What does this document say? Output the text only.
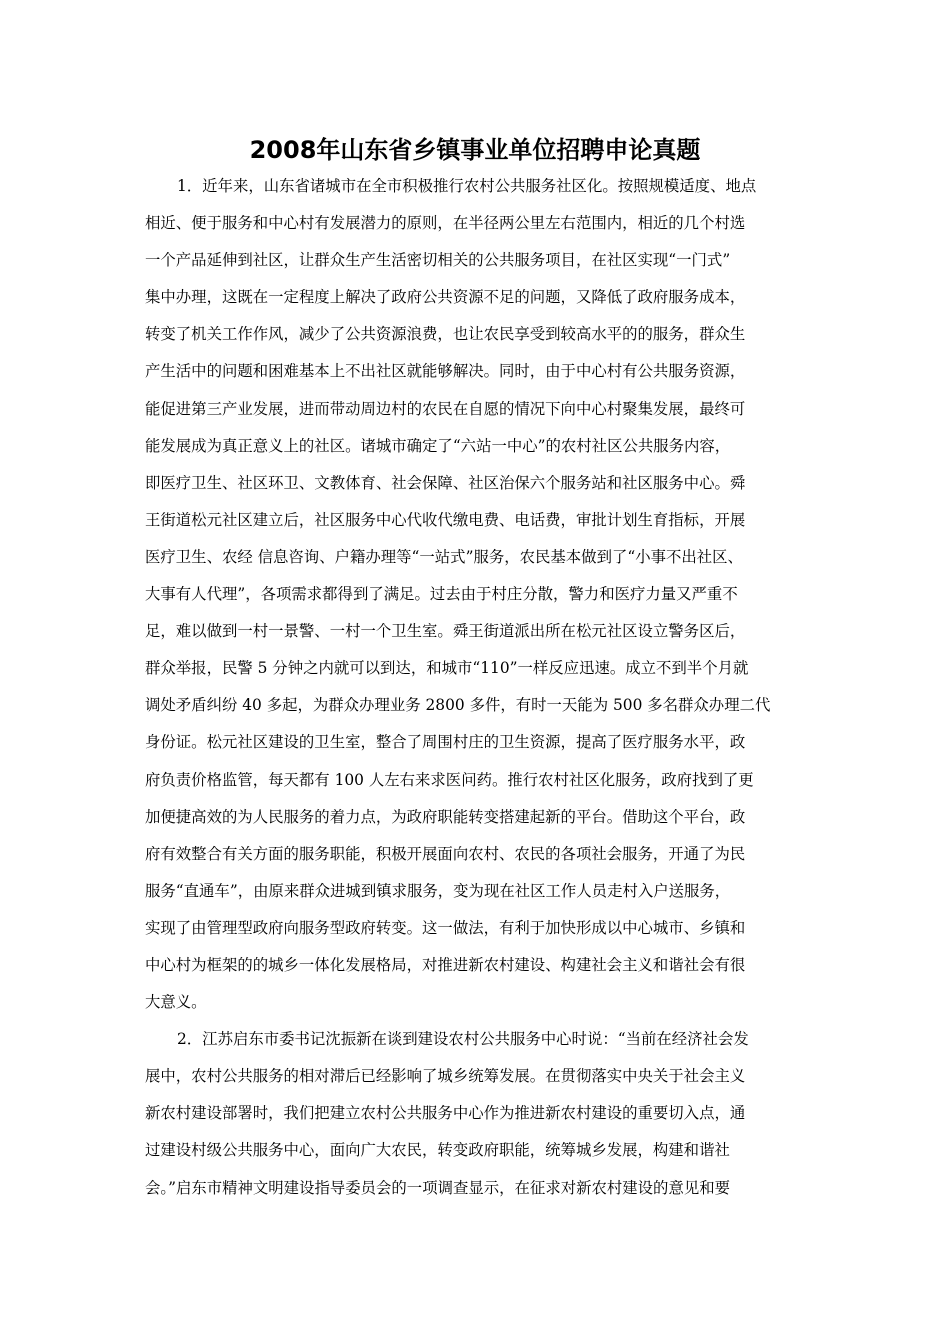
2008年山东省乡镇事业单位招聘申论真题
1．近年来，山东省诸城市在全市积极推行农村公共服务社区化。按照规模适度、地点
相近、便于服务和中心村有发展潜力的原则，在半径两公里左右范围内，相近的几个村选
一个产品延伸到社区，让群众生产生活密切相关的公共服务项目，在社区实现“一门式”
集中办理，这既在一定程度上解决了政府公共资源不足的问题，又降低了政府服务成本，
转变了机关工作作风，减少了公共资源浪费，也让农民享受到较高水平的的服务，群众生
产生活中的问题和困难基本上不出社区就能够解决。同时，由于中心村有公共服务资源，
能促进第三产业发展，进而带动周边村的农民在自愿的情况下向中心村聚集发展，最终可
能发展成为真正意义上的社区。诸城市确定了“六站一中心”的农村社区公共服务内容，
即医疗卫生、社区环卫、文教体育、社会保障、社区治保六个服务站和社区服务中心。舜
王街道松元社区建立后，社区服务中心代收代缴电费、电话费，审批计划生育指标，开展
医疗卫生、农经 信息咨询、户籍办理等“一站式”服务，农民基本做到了“小事不出社区、
大事有人代理”，各项需求都得到了满足。过去由于村庄分散，警力和医疗力量又严重不
足，难以做到一村一景警、一村一个卫生室。舜王街道派出所在松元社区设立警务区后，
群众举报，民警 5 分钟之内就可以到达，和城市“110”一样反应迅速。成立不到半个月就
调处矛盾纠纷 40 多起，为群众办理业务 2800 多件，有时一天能为 500 多名群众办理二代
身份证。松元社区建设的卫生室，整合了周围村庄的卫生资源，提高了医疗服务水平，政
府负责价格监管，每天都有 100 人左右来求医问药。推行农村社区化服务，政府找到了更
加便捷高效的为人民服务的着力点，为政府职能转变搭建起新的平台。借助这个平台，政
府有效整合有关方面的服务职能，积极开展面向农村、农民的各项社会服务，开通了为民
服务“直通车”，由原来群众进城到镇求服务，变为现在社区工作人员走村入户送服务，
实现了由管理型政府向服务型政府转变。这一做法，有利于加快形成以中心城市、乡镇和
中心村为框架的的城乡一体化发展格局，对推进新农村建设、构建社会主义和谐社会有很
大意义。
2．江苏启东市委书记沈振新在谈到建设农村公共服务中心时说：“当前在经济社会发
展中，农村公共服务的相对滞后已经影响了城乡统筹发展。在贯彻落实中央关于社会主义
新农村建设部署时，我们把建立农村公共服务中心作为推进新农村建设的重要切入点，通
过建设村级公共服务中心，面向广大农民，转变政府职能，统筹城乡发展，构建和谐社
会。”启东市精神文明建设指导委员会的一项调查显示，在征求对新农村建设的意见和要
